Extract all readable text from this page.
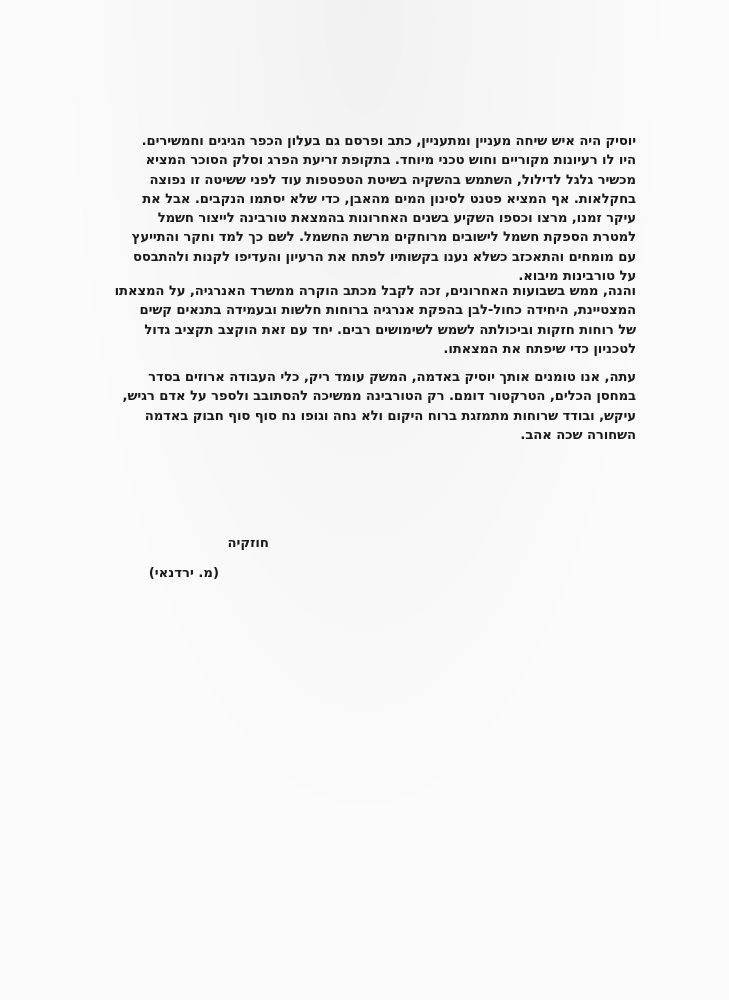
יוסיק היה איש שיחה מעניין ומתעניין, כתב ופרסם גם בעלון הכפר הגיגים וחמשירים.
היו לו רעיונות מקוריים וחוש טכני מיוחד. בתקופת זריעת הפרג וסלק הסוכר המציא
מכשיר גלגל לדילול, השתמש בהשקיה בשיטת הטפטפות עוד לפני ששיטה זו נפוצה
בחקלאות. אף המציא פטנט לסינון המים מהאבן, כדי שלא יסתמו הנקבים. אבל את
עיקר זמנו, מרצו וכספו השקיע בשנים האחרונות בהמצאת טורבינה לייצור חשמל
למטרת הספקת חשמל לישובים מרוחקים מרשת החשמל. לשם כך למד וחקר והתייעץ
עם מומחים והתאכזב כשלא נענו בקשותיו לפתח את הרעיון והעדיפו לקנות ולהתבסס
על טורבינות מיבוא.
והנה, ממש בשבועות האחרונים, זכה לקבל מכתב הוקרה ממשרד האנרגיה, על המצאתו
המצטיינת, היחידה כחול-לבן בהפקת אנרגיה ברוחות חלשות ובעמידה בתנאים קשים
של רוחות חזקות וביכולתה לשמש לשימושים רבים. יחד עם זאת הוקצב תקציב גדול
לטכניון כדי שיפתח את המצאתו.
עתה, אנו טומנים אותך יוסיק באדמה, המשק עומד ריק, כלי העבודה ארוזים בסדר
במחסן הכלים, הטרקטור דומם. רק הטורבינה ממשיכה להסתובב ולספר על אדם רגיש,
עיקש, ובודד שרוחות מתמזגת ברוח היקום ולא נחה וגופו נח סוף סוף חבוק באדמה
השחורה שכה אהב.
חוזקיה
(מ. ירדנאי)
